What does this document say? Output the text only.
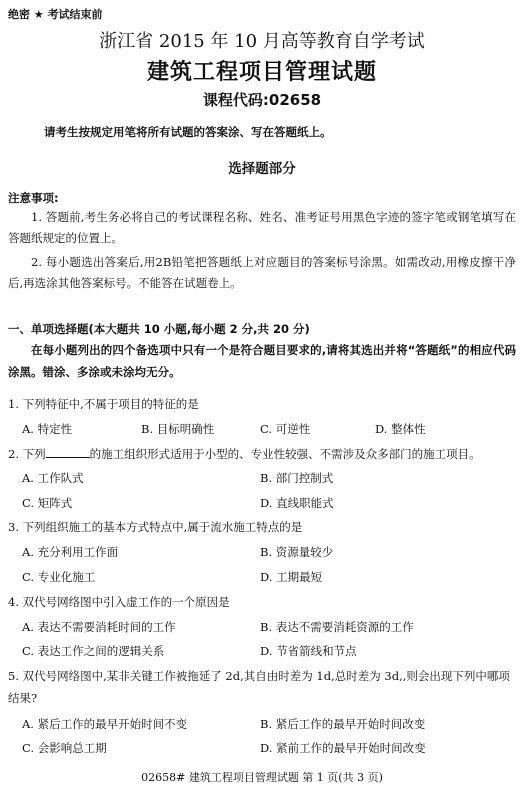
绝密 ★ 考试结束前
浙江省 2015 年 10 月高等教育自学考试
建筑工程项目管理试题
课程代码:02658
请考生按规定用笔将所有试题的答案涂、写在答题纸上。
选择题部分
注意事项:
1. 答题前,考生务必将自己的考试课程名称、姓名、准考证号用黑色字迹的签字笔或钢笔填写在答题纸规定的位置上。
2. 每小题选出答案后,用2B铅笔把答题纸上对应题目的答案标号涂黑。如需改动,用橡皮擦干净后,再选涂其他答案标号。不能答在试题卷上。
一、单项选择题(本大题共 10 小题,每小题 2 分,共 20 分)
在每小题列出的四个备选项中只有一个是符合题目要求的,请将其选出并将“答题纸”的相应代码涂黑。错涂、多涂或未涂均无分。
1. 下列特征中,不属于项目的特征的是
A. 特定性	B. 目标明确性	C. 可逆性	D. 整体性
2. 下列	的施工组织形式适用于小型的、专业性较强、不需涉及众多部门的施工项目。
A. 工作队式	B. 部门控制式
C. 矩阵式	D. 直线职能式
3. 下列组织施工的基本方式特点中,属于流水施工特点的是
A. 充分利用工作面	B. 资源量较少
C. 专业化施工	D. 工期最短
4. 双代号网络图中引入虚工作的一个原因是
A. 表达不需要消耗时间的工作	B. 表达不需要消耗资源的工作
C. 表达工作之间的逻辑关系	D. 节省箭线和节点
5. 双代号网络图中,某非关键工作被拖延了 2d,其自由时差为 1d,总时差为 3d,,则会出现下列中哪项结果?
A. 紧后工作的最早开始时间不变	B. 紧后工作的最早开始时间改变
C. 会影响总工期	D. 紧前工作的最早开始时间改变
02658# 建筑工程项目管理试题 第 1 页(共 3 页)
